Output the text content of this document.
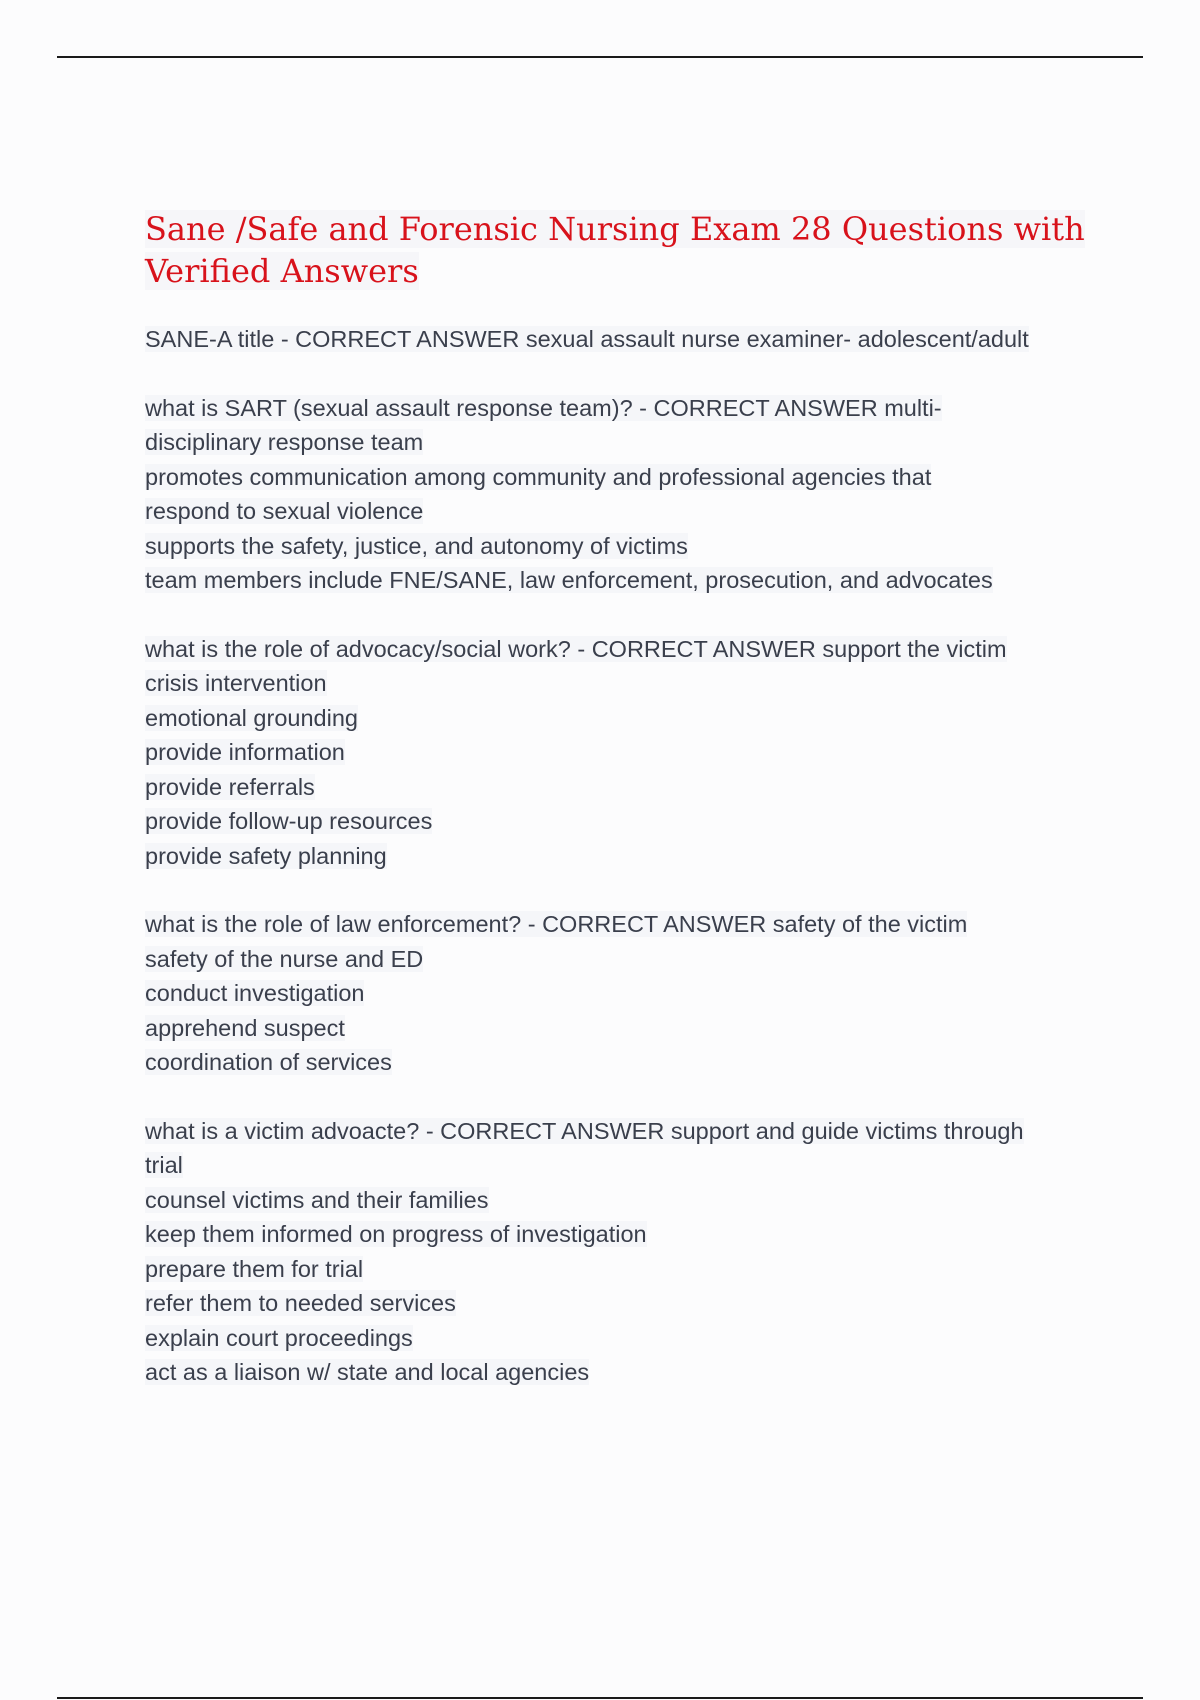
Sane /Safe and Forensic Nursing Exam 28 Questions with
Verified Answers
SANE-A title - CORRECT ANSWER sexual assault nurse examiner- adolescent/adult
what is SART (sexual assault response team)? - CORRECT ANSWER multi-
disciplinary response team
promotes communication among community and professional agencies that
respond to sexual violence
supports the safety, justice, and autonomy of victims
team members include FNE/SANE, law enforcement, prosecution, and advocates
what is the role of advocacy/social work? - CORRECT ANSWER support the victim
crisis intervention
emotional grounding
provide information
provide referrals
provide follow-up resources
provide safety planning
what is the role of law enforcement? - CORRECT ANSWER safety of the victim
safety of the nurse and ED
conduct investigation
apprehend suspect
coordination of services
what is a victim advoacte? - CORRECT ANSWER support and guide victims through
trial
counsel victims and their families
keep them informed on progress of investigation
prepare them for trial
refer them to needed services
explain court proceedings
act as a liaison w/ state and local agencies
